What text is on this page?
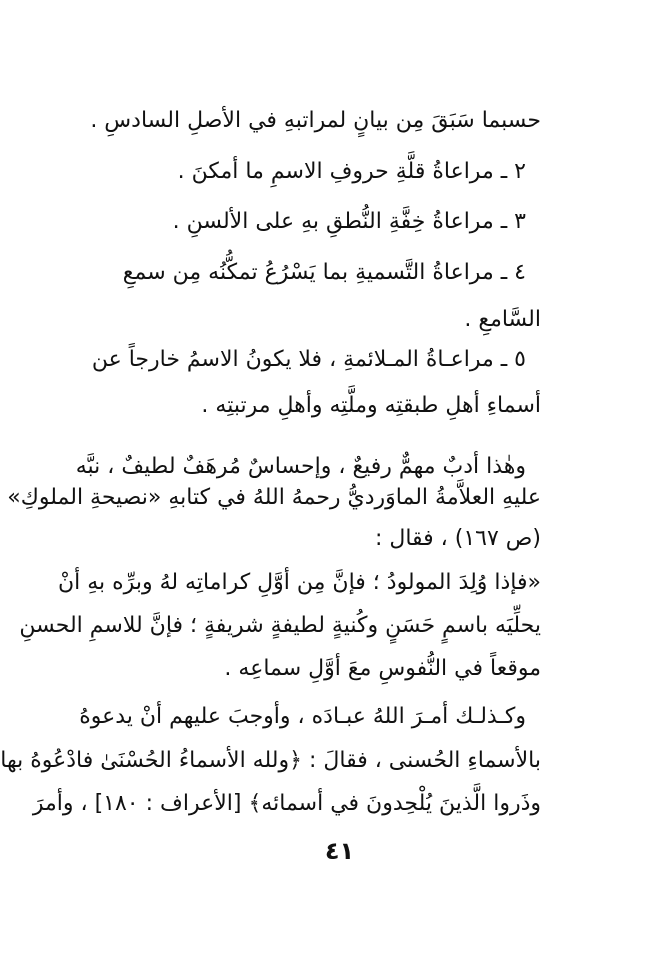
حسبما سَبَقَ مِن بيانٍ لمراتبهِ في الأصلِ السادسِ .
٢ ـ مراعاةُ قلَّةِ حروفِ الاسمِ ما أمكنَ .
٣ ـ مراعاةُ خِفَّةِ النُّطقِ بهِ على الألسنِ .
٤ ـ مراعاةُ التَّسميةِ بما يَسْرُعُ تمكُّنُه مِن سمعِ
السَّامعِ .
٥ ـ مراعـاةُ المـلائمةِ ، فلا يكونُ الاسمُ خارجاً عن
أسماءِ أهلِ طبقتِه وملَّتِه وأهلِ مرتبتِه .
وهٰذا أدبٌ مهمٌّ رفيعٌ ، وإحساسٌ مُرهَفٌ لطيفٌ ، نبَّه
عليهِ العلاَّمةُ الماوَرديُّ رحمهُ اللهُ في كتابهِ «نصيحةِ الملوكِ»
(ص ١٦٧) ، فقال :
«فإذا وُلِدَ المولودُ ؛ فإنَّ مِن أوَّلِ كراماتِه لهُ وبرِّه بهِ أنْ
يحلِّيَه باسمٍ حَسَنٍ وكُنيةٍ لطيفةٍ شريفةٍ ؛ فإنَّ للاسمِ الحسنِ
موقعاً في النُّفوسِ معَ أوَّلِ سماعِه .
وكـذلـك أمـرَ اللهُ عبـادَه ، وأوجبَ عليهم أنْ يدعوهُ
بالأسماءِ الحُسنى ، فقالَ : ﴿ولله الأسماءُ الحُسْنَىٰ فادْعُوهُ بها
وذَروا الَّذينَ يُلْحِدونَ في أسمائه﴾ [الأعراف : ١٨٠] ، وأمرَ
٤١
